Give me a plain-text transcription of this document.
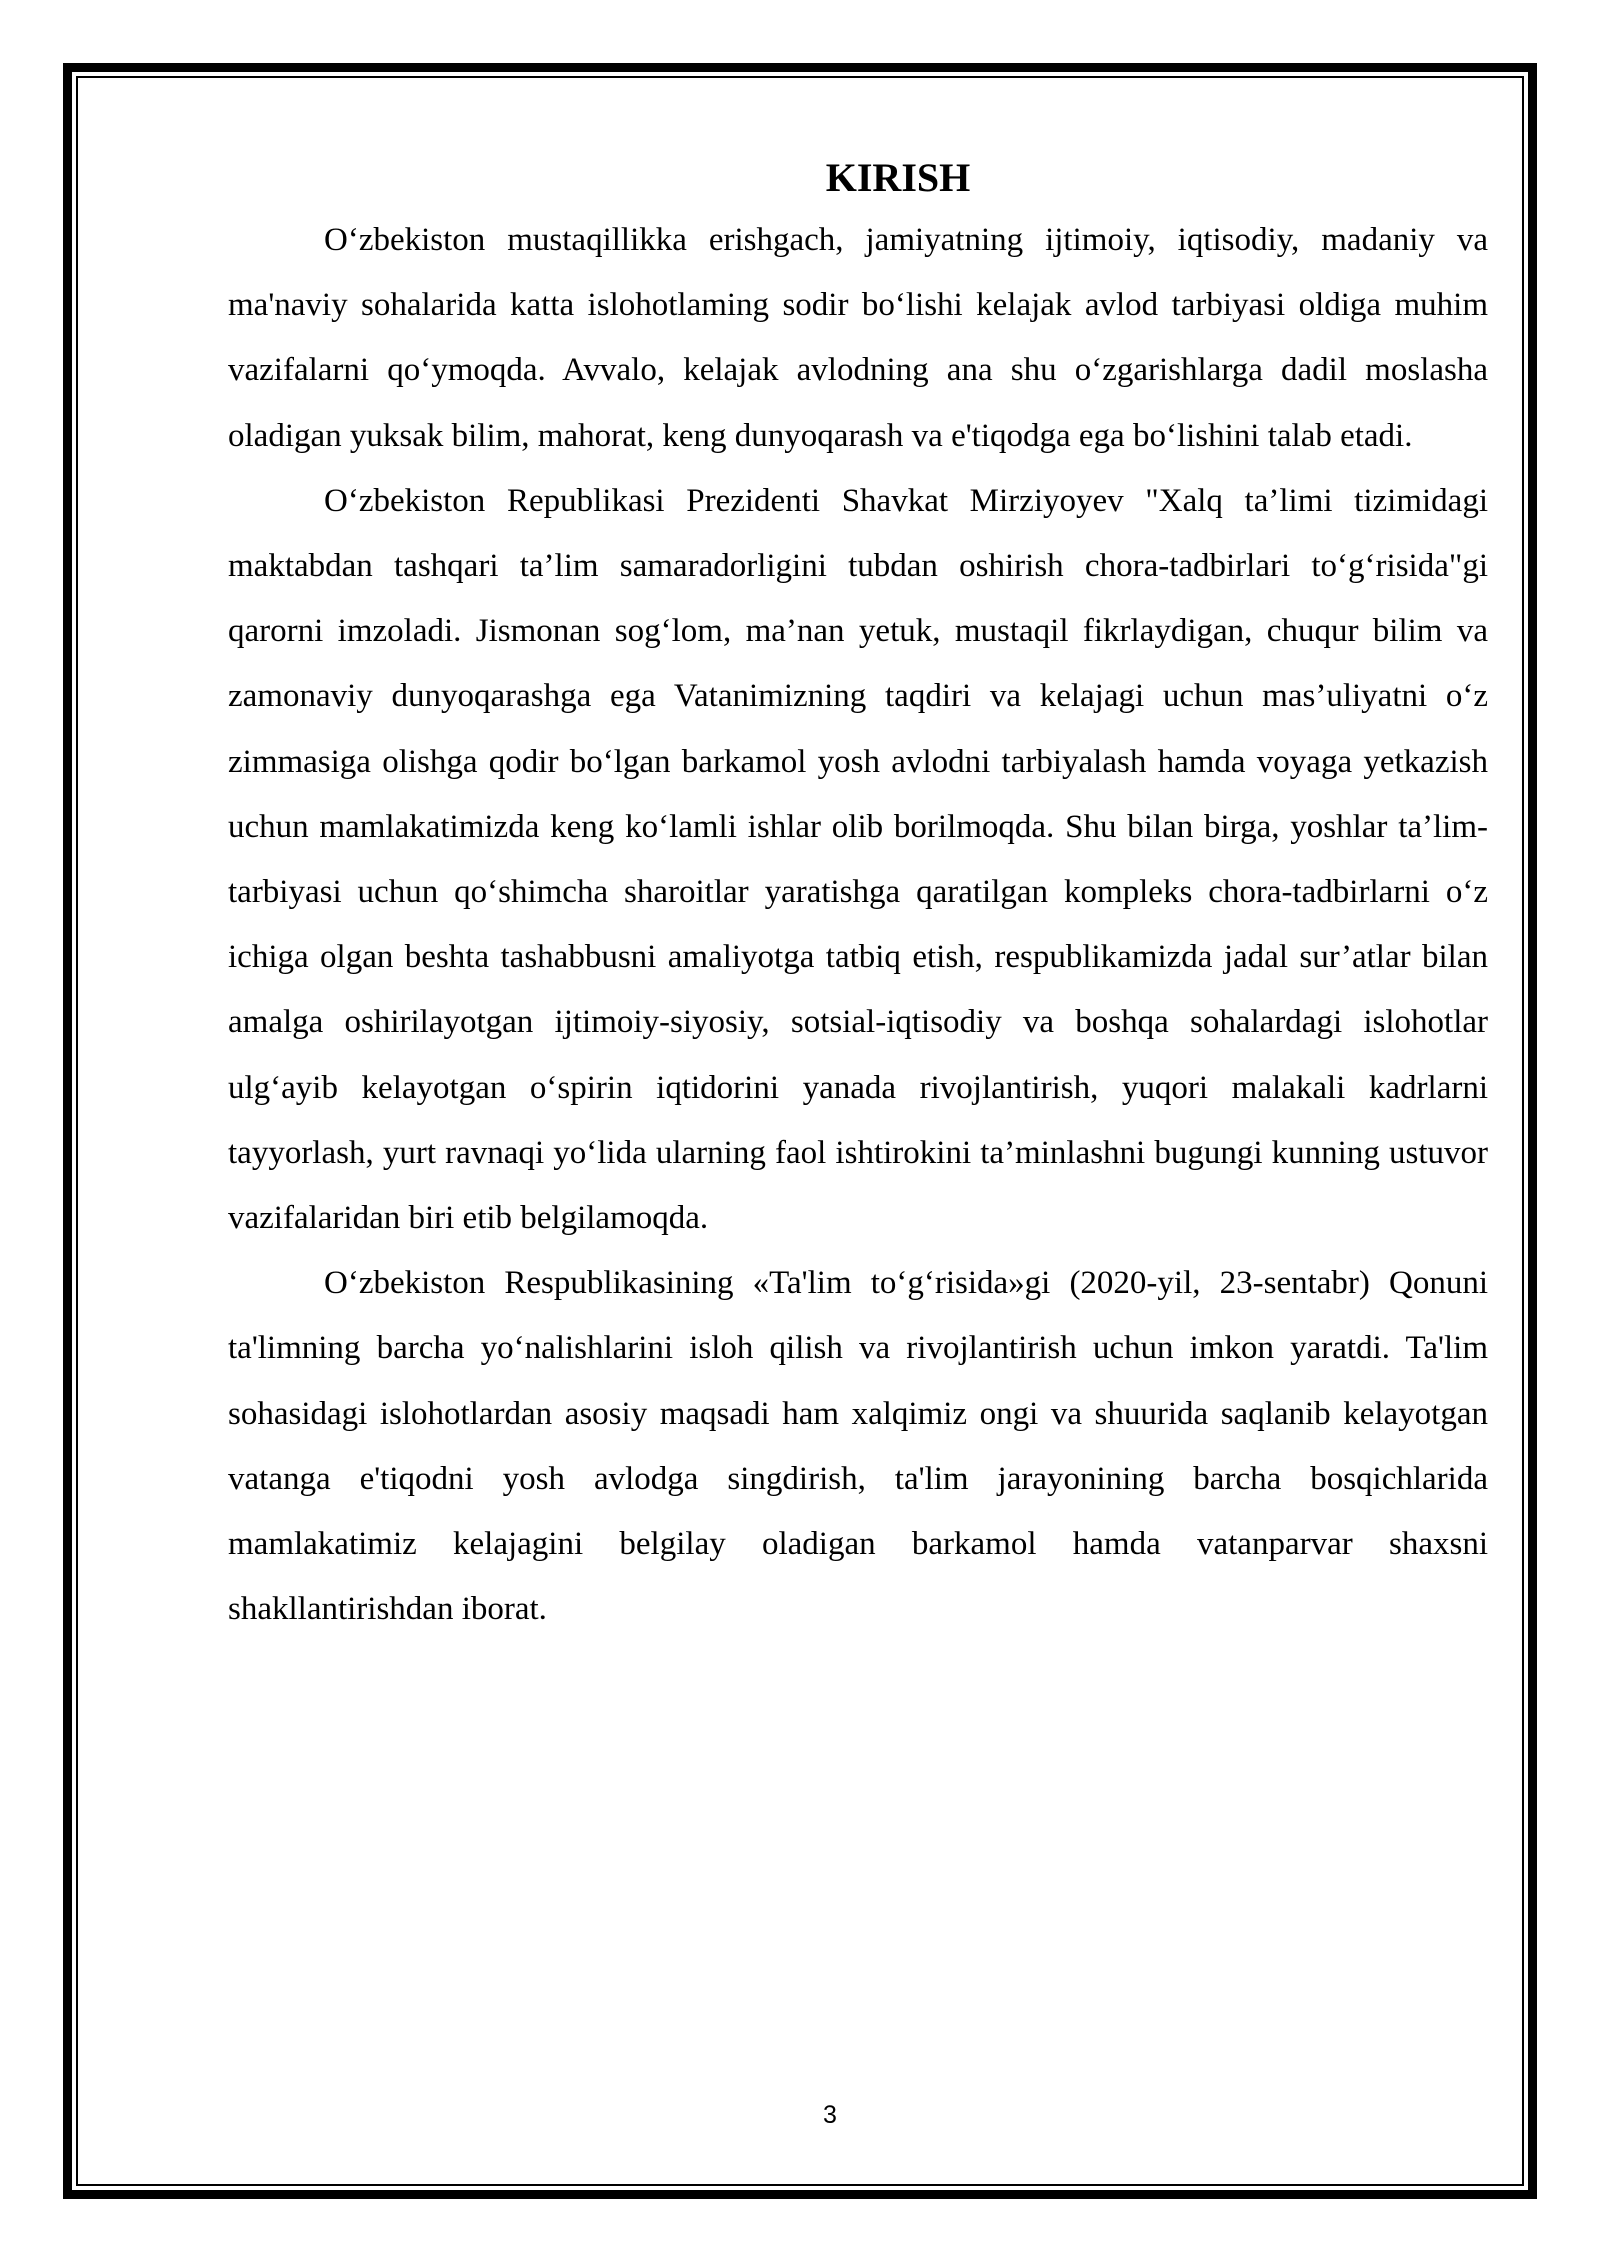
KIRISH

O‘zbekiston mustaqillikka erishgach, jamiyatning ijtimoiy, iqtisodiy, madaniy va ma'naviy sohalarida katta islohotlaming sodir bo‘lishi kelajak avlod tarbiyasi oldiga muhim vazifalarni qo‘ymoqda. Avvalo, kelajak avlodning ana shu o‘zgarishlarga dadil moslasha oladigan yuksak bilim, mahorat, keng dunyoqarash va e'tiqodga ega bo‘lishini talab etadi.

O‘zbekiston Republikasi Prezidenti Shavkat Mirziyoyev "Xalq ta’limi tizimidagi maktabdan tashqari ta’lim samaradorligini tubdan oshirish chora-tadbirlari to‘g‘risida"gi qarorni imzoladi. Jismonan sog‘lom, ma’nan yetuk, mustaqil fikrlaydigan, chuqur bilim va zamonaviy dunyoqarashga ega Vatanimizning taqdiri va kelajagi uchun mas’uliyatni o‘z zimmasiga olishga qodir bo‘lgan barkamol yosh avlodni tarbiyalash hamda voyaga yetkazish uchun mamlakatimizda keng ko‘lamli ishlar olib borilmoqda. Shu bilan birga, yoshlar ta’lim-tarbiyasi uchun qo‘shimcha sharoitlar yaratishga qaratilgan kompleks chora-tadbirlarni o‘z ichiga olgan beshta tashabbusni amaliyotga tatbiq etish, respublikamizda jadal sur’atlar bilan amalga oshirilayotgan ijtimoiy-siyosiy, sotsial-iqtisodiy va boshqa sohalardagi islohotlar ulg‘ayib kelayotgan o‘spirin iqtidorini yanada rivojlantirish, yuqori malakali kadrlarni tayyorlash, yurt ravnaqi yo‘lida ularning faol ishtirokini ta’minlashni bugungi kunning ustuvor vazifalaridan biri etib belgilamoqda.

O‘zbekiston Respublikasining «Ta'lim to‘g‘risida»gi (2020-yil, 23-sentabr) Qonuni ta'limning barcha yo‘nalishlarini isloh qilish va rivojlantirish uchun imkon yaratdi. Ta'lim sohasidagi islohotlardan asosiy maqsadi ham xalqimiz ongi va shuurida saqlanib kelayotgan vatanga e'tiqodni yosh avlodga singdirish, ta'lim jarayonining barcha bosqichlarida mamlakatimiz kelajagini belgilay oladigan barkamol hamda vatanparvar shaxsni shakllantirishdan iborat.

3
